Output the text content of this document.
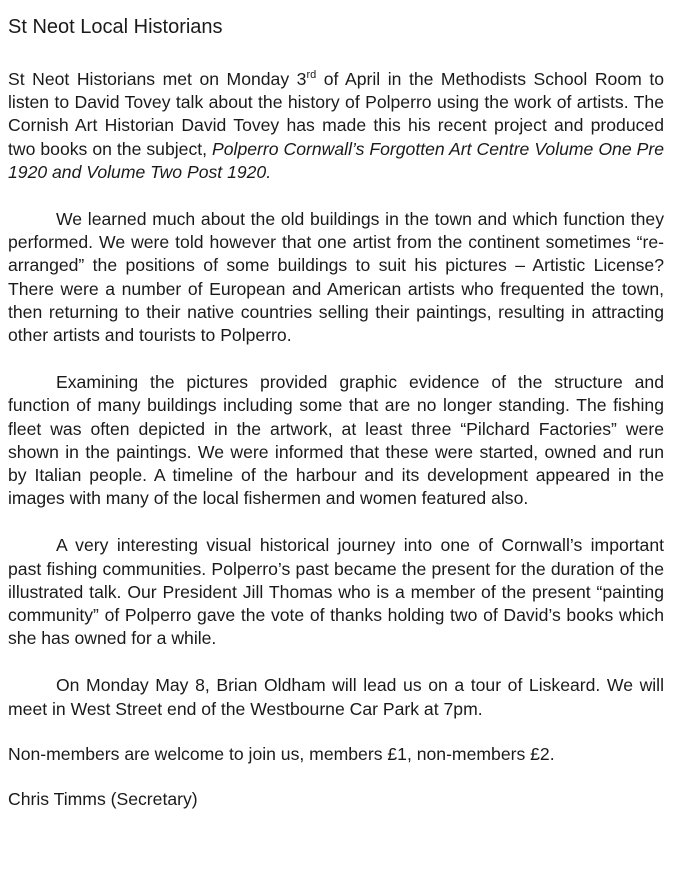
St Neot Local Historians

St Neot Historians met on Monday 3rd of April in the Methodists School Room to listen to David Tovey talk about the history of Polperro using the work of artists. The Cornish Art Historian David Tovey has made this his recent project and produced two books on the subject, Polperro Cornwall’s Forgotten Art Centre Volume One Pre 1920 and Volume Two Post 1920.

We learned much about the old buildings in the town and which function they performed. We were told however that one artist from the continent sometimes “re-arranged” the positions of some buildings to suit his pictures – Artistic License? There were a number of European and American artists who frequented the town, then returning to their native countries selling their paintings, resulting in attracting other artists and tourists to Polperro.

Examining the pictures provided graphic evidence of the structure and function of many buildings including some that are no longer standing. The fishing fleet was often depicted in the artwork, at least three “Pilchard Factories” were shown in the paintings. We were informed that these were started, owned and run by Italian people. A timeline of the harbour and its development appeared in the images with many of the local fishermen and women featured also.

A very interesting visual historical journey into one of Cornwall’s important past fishing communities. Polperro’s past became the present for the duration of the illustrated talk. Our President Jill Thomas who is a member of the present “painting community” of Polperro gave the vote of thanks holding two of David’s books which she has owned for a while.

On Monday May 8, Brian Oldham will lead us on a tour of Liskeard. We will meet in West Street end of the Westbourne Car Park at 7pm.

Non-members are welcome to join us, members £1, non-members £2.

Chris Timms (Secretary)
